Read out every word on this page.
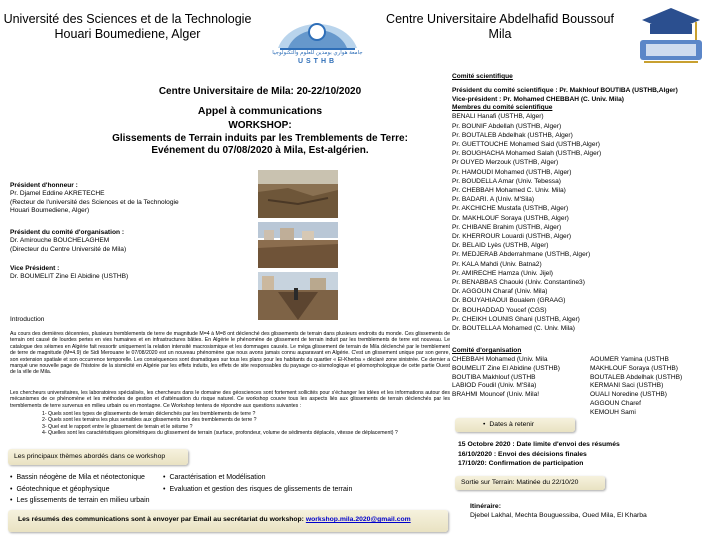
Université des Sciences et de la Technologie
Houari Boumediene, Alger
جامعة هواري بومدين للعلوم والتكنولوجيا
USTHB
Centre Universitaire Abdelhafid Boussouf
Mila
Centre Universitaire de Mila: 20-22/10/2020
Appel à communications
WORKSHOP:
Glissements de Terrain induits par les Tremblements de Terre:
Evénement du 07/08/2020 à Mila, Est-algérien.
Président d'honneur :
Pr. Djamel Eddine AKRETECHE
(Recteur de l'université des Sciences et de la Technologie
Houari Boumediene, Alger)
Président du comité d'organisation :
Dr. Amirouche BOUCHELAGHEM
(Directeur du Centre Université de Mila)
Vice Président :
Dr. BOUMELIT Zine El Abidine (USTHB)
Introduction
Au cours des dernières décennies, plusieurs tremblements de terre de magnitude M=4 à M=8 ont déclenché des glissements de terrain dans plusieurs endroits du monde. Ces glissements de terrain ont causé de lourdes pertes en vies humaines et en infrastructures bâties. En Algérie le phénomène de glissement de terrain induit par les tremblements de terre est nouveau. Le catalogue des séismes en Algérie fait ressortir uniquement la relation intensité macrosismique et les dommages causés. Le méga glissement de terrain de Mila déclenché par le tremblement de terre de magnitude (M=4.9) de Sidi Merouane le 07/08/2020 est un nouveau phénomène que nous avons jamais connu auparavant en Algérie. C'est un glissement unique par son genre, son extension spatiale et son occurrence temporelle. Les conséquences sont dramatiques sur tous les plans pour les habitants du quartier « El-Kherba » déclaré zone sinistrée. Ce dernier a marqué une nouvelle page de l'histoire de la sismicité en Algérie par les effets induits, les effets de site responsables du paysage co-sismologique et géomorphologique de cette partie Ouest de la ville de Mila.
Les chercheurs universitaires, les laboratoires spécialisés, les chercheurs dans le domaine des géosciences sont fortement sollicités pour s'échanger les idées et les informations autour des mécanismes de ce phénomène et les méthodes de gestion et d'atténuation du risque naturel. Ce workshop couvre tous les aspects liés aux glissements de terrain déclenchés par les tremblements de terre survenus en milieu urbain ou en montagne. Ce Workshop tentera de répondre aux questions suivantes :
1- Quels sont les types de glissements de terrain déclenchés par les tremblements de terre ?
2- Quels sont les terrains les plus sensibles aux glissements lors des tremblements de terre ?
3- Quel est le rapport entre le glissement de terrain et le séisme ?
4- Quelles sont les caractéristiques géométriques du glissement de terrain (surface, profondeur, volume de sédiments déplacés, vitesse de déplacement) ?
Les principaux thèmes abordés dans ce workshop
• Bassin néogène de Mila et néotectonique
• Géotechnique et géophysique
• Les glissements de terrain en milieu urbain
• Caractérisation et Modélisation
• Evaluation et gestion des risques de glissements de terrain
Les résumés des communications sont à envoyer par Email au secrétariat du workshop: workshop.mila.2020@gmail.com
Comité scientifique
Président du comité scientifique : Pr. Makhlouf BOUTIBA (USTHB,Alger)
Vice-président : Pr. Mohamed CHEBBAH (C. Univ. Mila)
Membres du comité scientifique
BENALI Hanafi (USTHB, Alger)
Pr. BOUNIF Abdellah (USTHB, Alger)
Pr. BOUTALEB Abdelhak (USTHB, Alger)
Pr. GUETTOUCHE Mohamed Said (USTHB,Alger)
Pr. BOUGHACHA Mohamed Salah (USTHB, Alger)
Pr OUYED Merzouk (USTHB, Alger)
Pr. HAMOUDI Mohamed (USTHB, Alger)
Pr. BOUDELLA Amar (Univ. Tebessa)
Pr. CHEBBAH Mohamed C. Univ. Mila)
Pr. BADARI. A (Univ. M'Sila)
Pr. AKCHICHE Mustafa (USTHB, Alger)
Dr. MAKHLOUF Soraya (USTHB, Alger)
Pr. CHIBANE Brahim (USTHB, Alger)
Dr. KHERROUR Louardi (USTHB, Alger)
Dr. BELAID Lyès (USTHB, Alger)
Pr. MEDJERAB Abderrahmane (USTHB, Alger)
Pr. KALA Mahdi (Univ. Batna2)
Pr. AMIRECHE Hamza (Univ. Jijel)
Pr. BENABBAS Chaouki (Univ. Constantine3)
Dr. AGGOUN Charaf (Univ. Mila)
Dr. BOUYAHIAOUI Boualem (GRAAG)
Dr. BOUHADDAD Youcef (CGS)
Pr. CHEIKH LOUNIS Ghani (USTHB, Alger)
Dr. BOUTELLAA Mohamed (C. Univ. Mila)
Comité d'organisation
CHEBBAH Mohamed (Univ. Mila
BOUMELIT Zine El Abidine (USTHB)
BOUTIBA Makhlouf (USTHB
LABIOD Foudil (Univ. M'Sila)
BRAHMI Mouncef (Univ. Mila!
AOUMER Yamina (USTHB
MAKHLOUF Soraya (USTHB)
BOUTALEB Abdelhak (USTHB)
KERMANI Saci (USTHB)
OUALI Noredine (USTHB)
AGGOUN Charef
KEMOUH Sami
• Dates à retenir
15 Octobre 2020 : Date limite d'envoi des résumés
16/10/2020 : Envoi des décisions finales
17/10/20: Confirmation de participation
Sortie sur Terrain: Matinée du 22/10/20
Itinéraire:
Djebel Lakhal, Mechta Bouguessiba, Oued Mila, El Kharba
